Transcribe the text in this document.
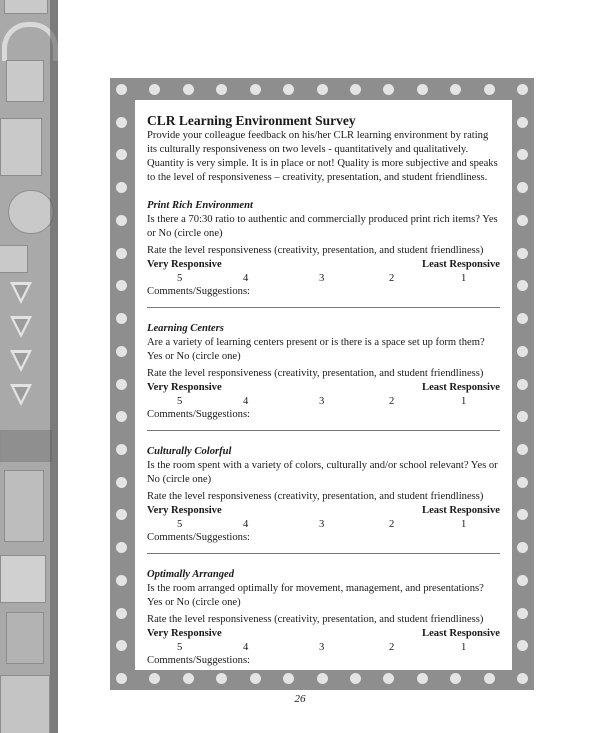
CLR Learning Environment Survey

Provide your colleague feedback on his/her CLR learning environment by rating its culturally responsiveness on two levels - quantitatively and qualitatively. Quantity is very simple. It is in place or not! Quality is more subjective and speaks to the level of responsiveness – creativity, presentation, and student friendliness.

Print Rich Environment

Is there a 70:30 ratio to authentic and commercially produced print rich items? Yes or No (circle one)

Rate the level responsiveness (creativity, presentation, and student friendliness)
Very Responsive	Least Responsive
5	4	3	2	1

Comments/Suggestions:

Learning Centers

Are a variety of learning centers present or is there is a space set up form them? Yes or No (circle one)

Rate the level responsiveness (creativity, presentation, and student friendliness)
Very Responsive	Least Responsive
5	4	3	2	1

Comments/Suggestions:

Culturally Colorful

Is the room spent with a variety of colors, culturally and/or school relevant? Yes or No (circle one)

Rate the level responsiveness (creativity, presentation, and student friendliness)
Very Responsive	Least Responsive
5	4	3	2	1

Comments/Suggestions:

Optimally Arranged

Is the room arranged optimally for movement, management, and presentations? Yes or No (circle one)

Rate the level responsiveness (creativity, presentation, and student friendliness)
Very Responsive	Least Responsive
5	4	3	2	1

Comments/Suggestions:

26
